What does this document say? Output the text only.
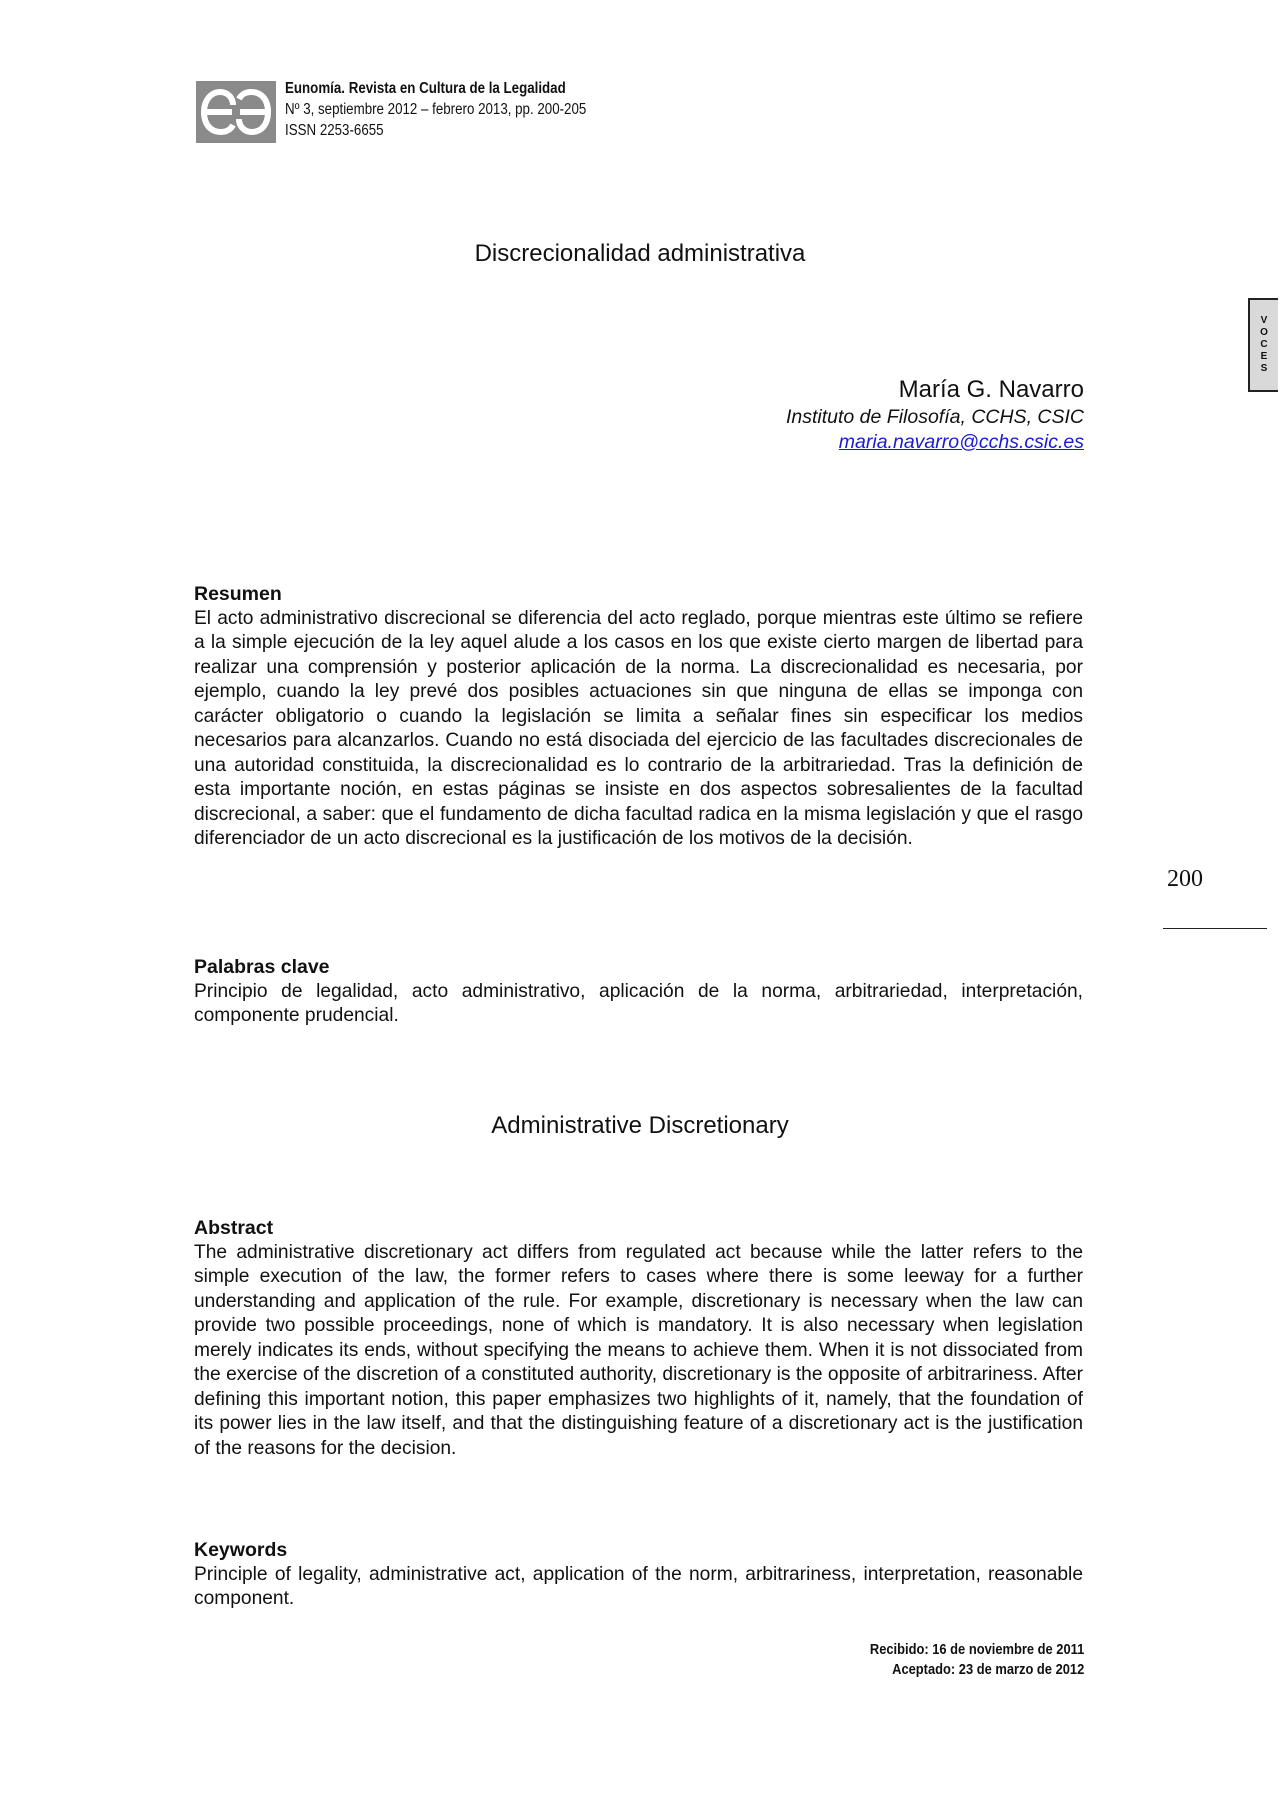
Eunomía. Revista en Cultura de la Legalidad
Nº 3, septiembre 2012 – febrero 2013, pp. 200-205
ISSN 2253-6655
Discrecionalidad administrativa
V
O
C
E
S
María G. Navarro
Instituto de Filosofía, CCHS, CSIC
maria.navarro@cchs.csic.es
Resumen

El acto administrativo discrecional se diferencia del acto reglado, porque mientras este último se refiere a la simple ejecución de la ley aquel alude a los casos en los que existe cierto margen de libertad para realizar una comprensión y posterior aplicación de la norma. La discrecionalidad es necesaria, por ejemplo, cuando la ley prevé dos posibles actuaciones sin que ninguna de ellas se imponga con carácter obligatorio o cuando la legislación se limita a señalar fines sin especificar los medios necesarios para alcanzarlos. Cuando no está disociada del ejercicio de las facultades discrecionales de una autoridad constituida, la discrecionalidad es lo contrario de la arbitrariedad. Tras la definición de esta importante noción, en estas páginas se insiste en dos aspectos sobresalientes de la facultad discrecional, a saber: que el fundamento de dicha facultad radica en la misma legislación y que el rasgo diferenciador de un acto discrecional es la justificación de los motivos de la decisión.

200
Palabras clave

Principio de legalidad, acto administrativo, aplicación de la norma, arbitrariedad, interpretación, componente prudencial.

Administrative Discretionary
Abstract

The administrative discretionary act differs from regulated act because while the latter refers to the simple execution of the law, the former refers to cases where there is some leeway for a further understanding and application of the rule. For example, discretionary is necessary when the law can provide two possible proceedings, none of which is mandatory. It is also necessary when legislation merely indicates its ends, without specifying the means to achieve them. When it is not dissociated from the exercise of the discretion of a constituted authority, discretionary is the opposite of arbitrariness. After defining this important notion, this paper emphasizes two highlights of it, namely, that the foundation of its power lies in the law itself, and that the distinguishing feature of a discretionary act is the justification of the reasons for the decision.

Keywords

Principle of legality, administrative act, application of the norm, arbitrariness, interpretation, reasonable component.

Recibido: 16 de noviembre de 2011
Aceptado: 23 de marzo de 2012
